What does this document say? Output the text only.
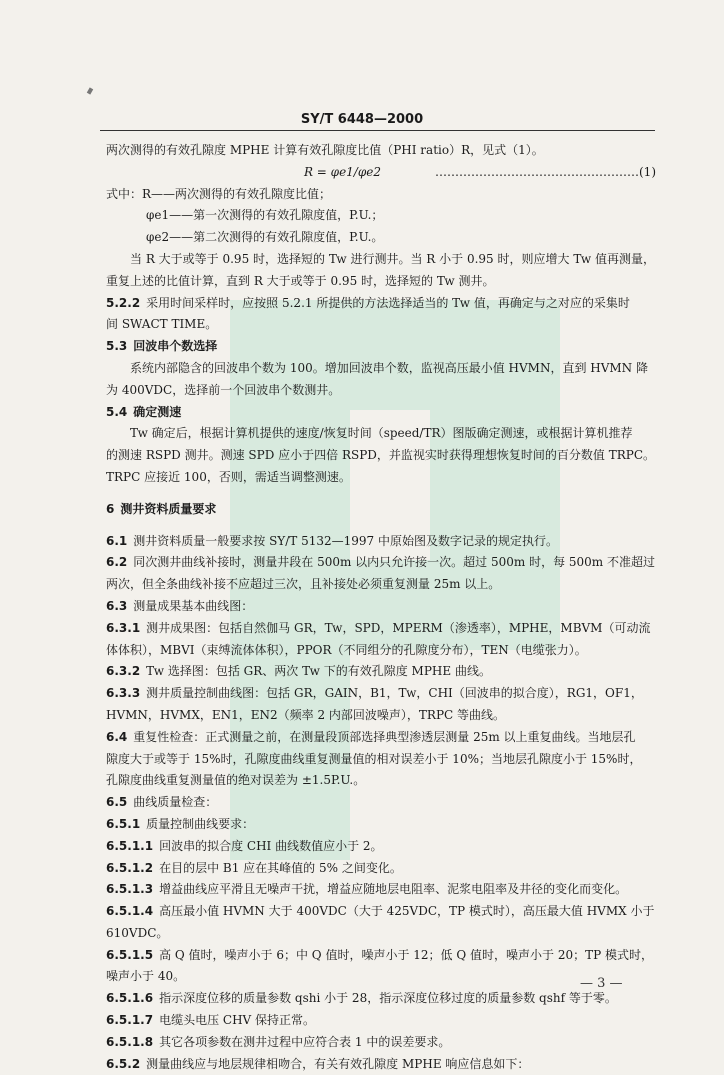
SY/T 6448—2000

两次测得的有效孔隙度 MPHE 计算有效孔隙度比值（PHI ratio）R，见式（1）。

R = φe1/φe2	……………………………………………(1)

式中：R——两次测得的有效孔隙度比值；

φe1——第一次测得的有效孔隙度值，P.U.；

φe2——第二次测得的有效孔隙度值，P.U.。

当 R 大于或等于 0.95 时，选择短的 Tw 进行测井。当 R 小于 0.95 时，则应增大 Tw 值再测量，

重复上述的比值计算，直到 R 大于或等于 0.95 时，选择短的 Tw 测井。

5.2.2 采用时间采样时，应按照 5.2.1 所提供的方法选择适当的 Tw 值，再确定与之对应的采集时

间 SWACT TIME。

5.3 回波串个数选择

系统内部隐含的回波串个数为 100。增加回波串个数，监视高压最小值 HVMN，直到 HVMN 降

为 400VDC，选择前一个回波串个数测井。

5.4 确定测速

Tw 确定后，根据计算机提供的速度/恢复时间（speed/TR）图版确定测速，或根据计算机推荐

的测速 RSPD 测井。测速 SPD 应小于四倍 RSPD，并监视实时获得理想恢复时间的百分数值 TRPC。

TRPC 应接近 100，否则，需适当调整测速。

6 测井资料质量要求

6.1 测井资料质量一般要求按 SY/T 5132—1997 中原始图及数字记录的规定执行。

6.2 同次测井曲线补接时，测量井段在 500m 以内只允许接一次。超过 500m 时，每 500m 不准超过

两次，但全条曲线补接不应超过三次，且补接处必须重复测量 25m 以上。

6.3 测量成果基本曲线图：

6.3.1 测井成果图：包括自然伽马 GR，Tw，SPD，MPERM（渗透率），MPHE，MBVM（可动流

体体积），MBVI（束缚流体体积），PPOR（不同组分的孔隙度分布），TEN（电缆张力）。

6.3.2 Tw 选择图：包括 GR、两次 Tw 下的有效孔隙度 MPHE 曲线。

6.3.3 测井质量控制曲线图：包括 GR，GAIN，B1，Tw，CHI（回波串的拟合度），RG1，OF1，

HVMN，HVMX，EN1，EN2（频率 2 内部回波噪声），TRPC 等曲线。

6.4 重复性检查：正式测量之前，在测量段顶部选择典型渗透层测量 25m 以上重复曲线。当地层孔

隙度大于或等于 15%时，孔隙度曲线重复测量值的相对误差小于 10%；当地层孔隙度小于 15%时，

孔隙度曲线重复测量值的绝对误差为 ±1.5P.U.。

6.5 曲线质量检查：

6.5.1 质量控制曲线要求：

6.5.1.1 回波串的拟合度 CHI 曲线数值应小于 2。

6.5.1.2 在目的层中 B1 应在其峰值的 5% 之间变化。

6.5.1.3 增益曲线应平滑且无噪声干扰，增益应随地层电阻率、泥浆电阻率及井径的变化而变化。

6.5.1.4 高压最小值 HVMN 大于 400VDC（大于 425VDC，TP 模式时），高压最大值 HVMX 小于

610VDC。

6.5.1.5 高 Q 值时，噪声小于 6；中 Q 值时，噪声小于 12；低 Q 值时，噪声小于 20；TP 模式时，

噪声小于 40。

6.5.1.6 指示深度位移的质量参数 qshi 小于 28，指示深度位移过度的质量参数 qshf 等于零。

6.5.1.7 电缆头电压 CHV 保持正常。

6.5.1.8 其它各项参数在测井过程中应符合表 1 中的误差要求。

6.5.2 测量曲线应与地层规律相吻合，有关有效孔隙度 MPHE 响应信息如下：

— 3 —
